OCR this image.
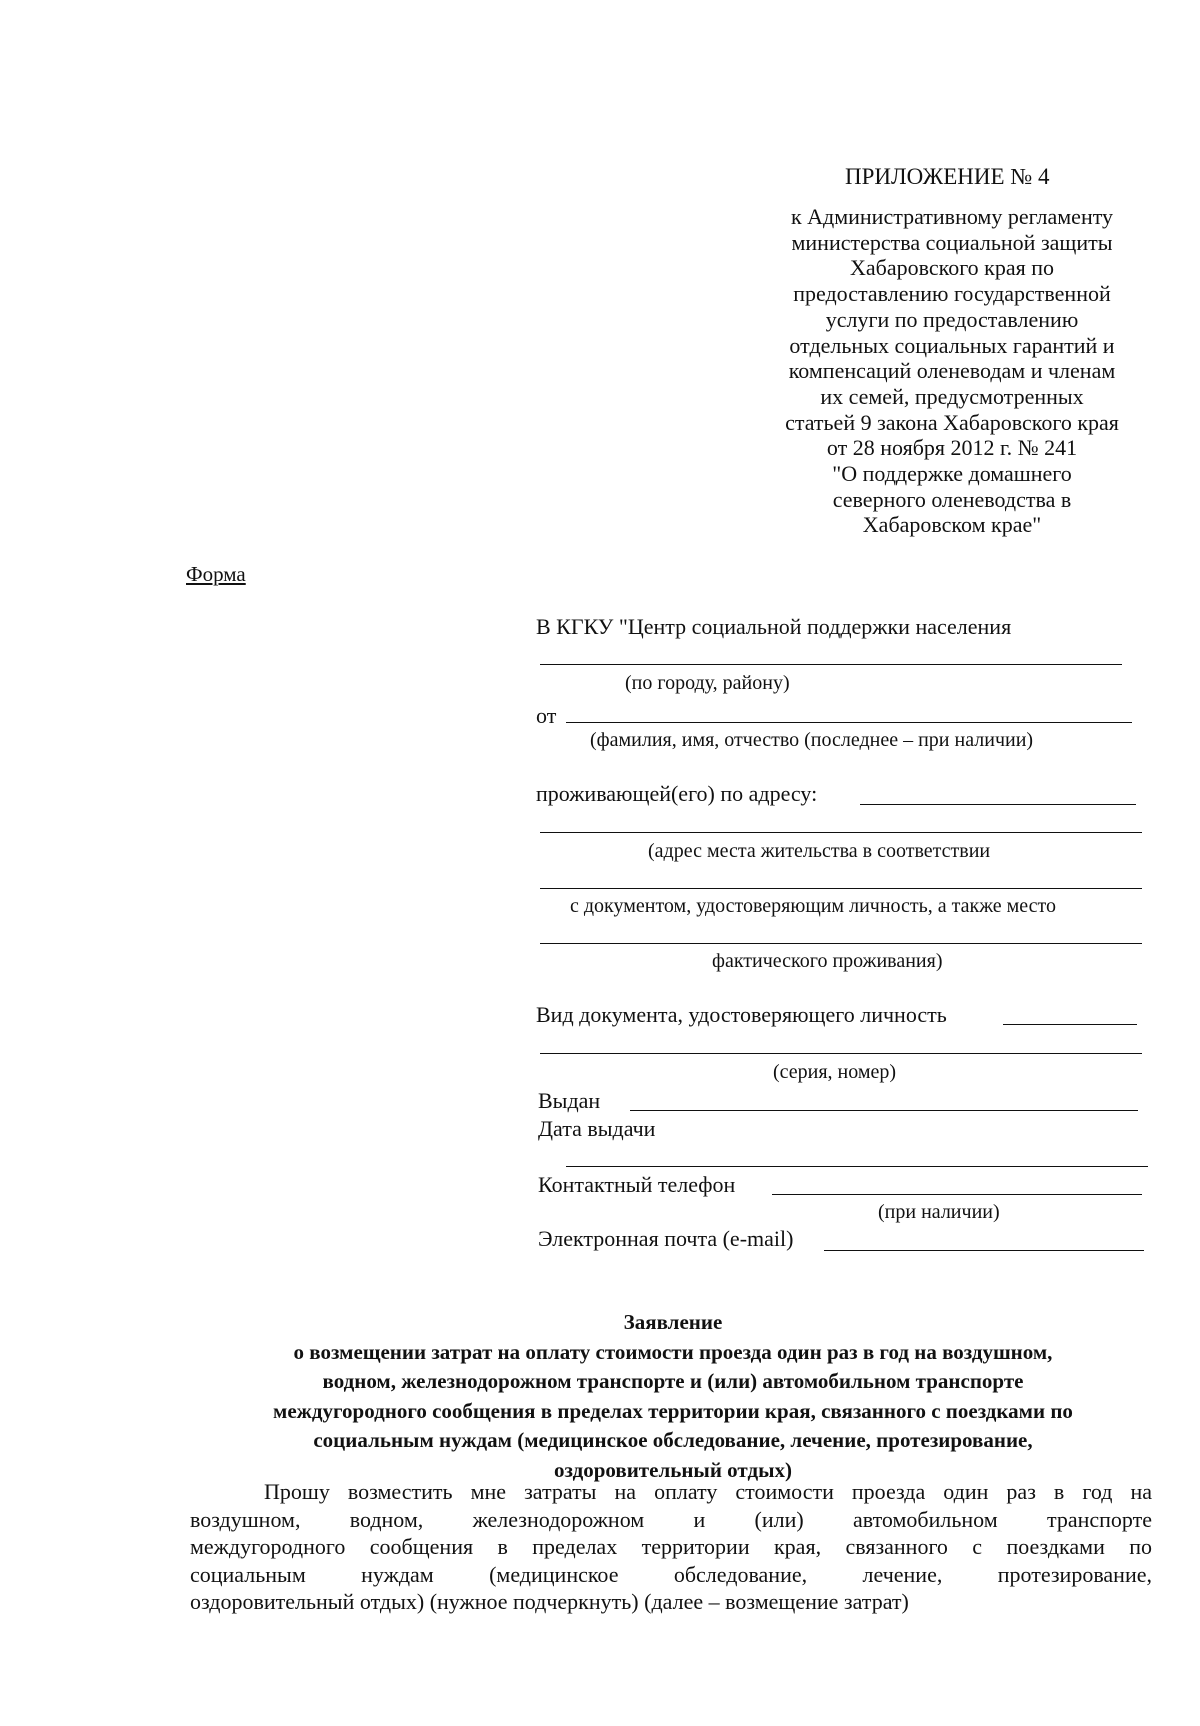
ПРИЛОЖЕНИЕ № 4
к Административному регламенту
министерства социальной защиты
Хабаровского края по
предоставлению государственной
услуги по предоставлению
отдельных социальных гарантий и
компенсаций оленеводам и членам
их семей, предусмотренных
статьей 9 закона Хабаровского края
от 28 ноября 2012 г. № 241
"О поддержке домашнего
северного оленеводства в
Хабаровском крае"
Форма
В КГКУ "Центр социальной поддержки населения
(по городу, району)
от
(фамилия, имя, отчество (последнее – при наличии)
проживающей(его) по адресу:
(адрес места жительства в соответствии
с документом, удостоверяющим личность, а также место
фактического проживания)
Вид документа, удостоверяющего личность
(серия, номер)
Выдан
Дата выдачи
Контактный телефон
(при наличии)
Электронная почта (e-mail)
Заявление
о возмещении затрат на оплату стоимости проезда один раз в год на воздушном,
водном, железнодорожном транспорте и (или) автомобильном транспорте
междугородного сообщения в пределах территории края, связанного с поездками по
социальным нуждам (медицинское обследование, лечение, протезирование,
оздоровительный отдых)
Прошу возместить мне затраты на оплату стоимости проезда один раз в год на
воздушном, водном, железнодорожном и (или) автомобильном транспорте
междугородного сообщения в пределах территории края, связанного с поездками по
социальным нуждам (медицинское обследование, лечение, протезирование,
оздоровительный отдых) (нужное подчеркнуть) (далее – возмещение затрат)
